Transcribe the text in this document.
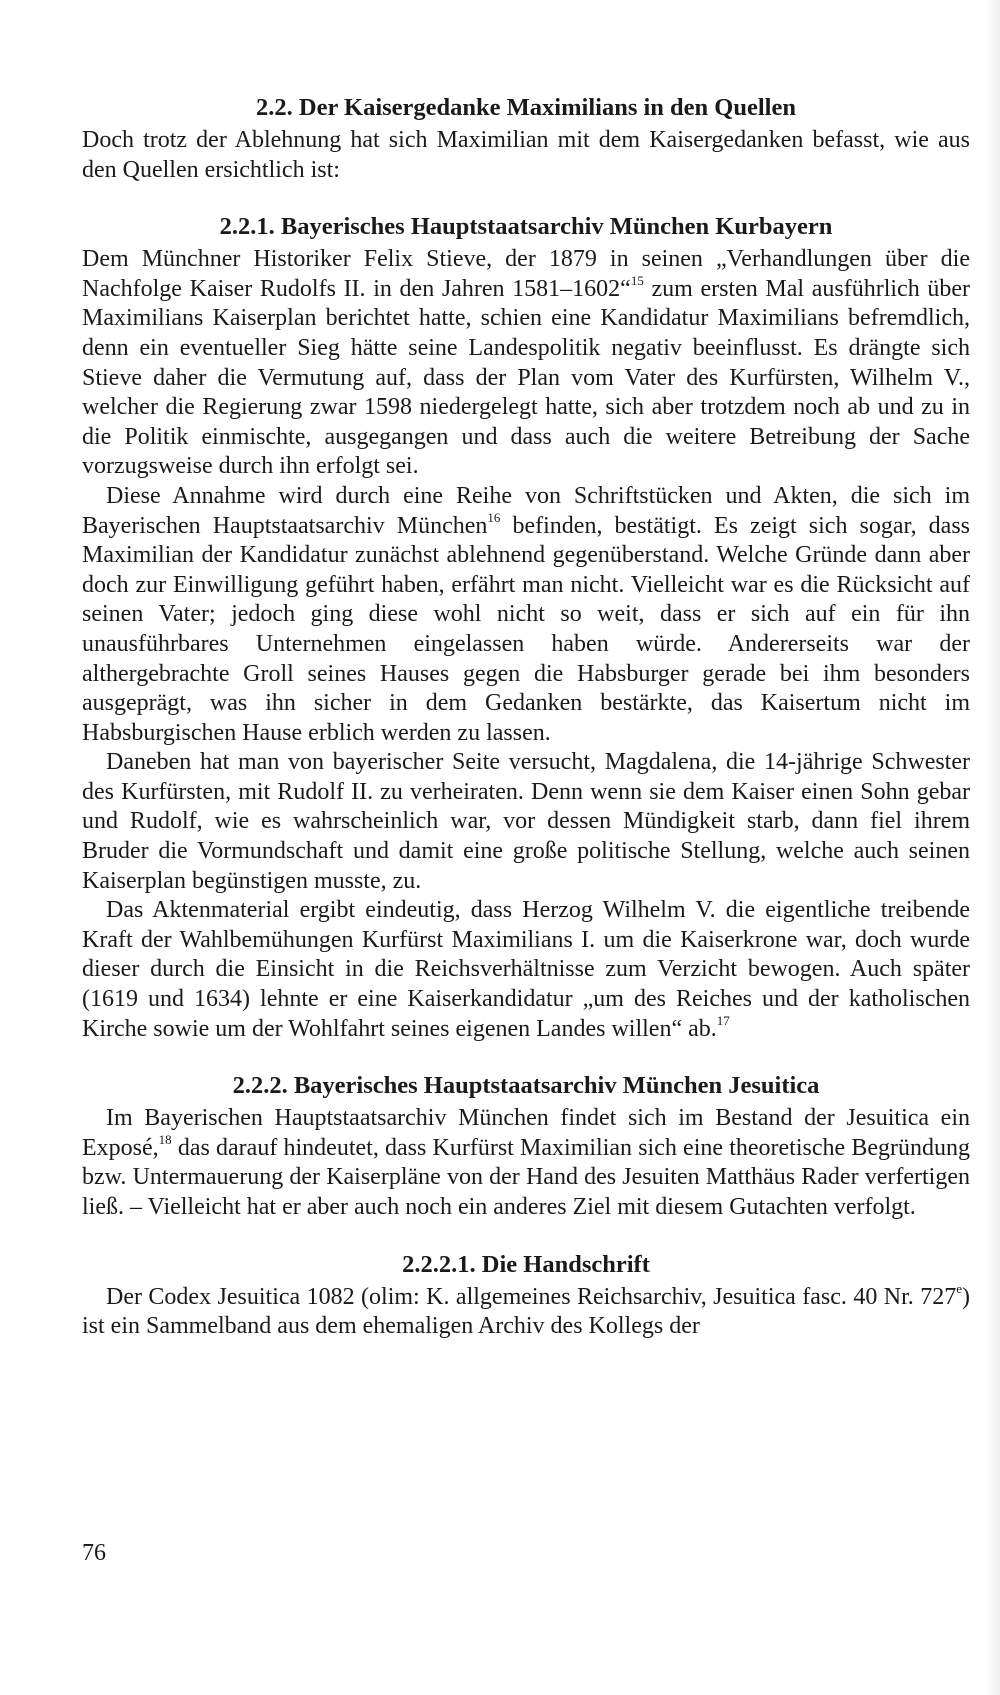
2.2. Der Kaisergedanke Maximilians in den Quellen

Doch trotz der Ablehnung hat sich Maximilian mit dem Kaisergedanken befasst, wie aus den Quellen ersichtlich ist:

2.2.1. Bayerisches Hauptstaatsarchiv München Kurbayern

Dem Münchner Historiker Felix Stieve, der 1879 in seinen „Verhandlungen über die Nachfolge Kaiser Rudolfs II. in den Jahren 1581–1602“$^{15}$ zum ersten Mal ausführlich über Maximilians Kaiserplan berichtet hatte, schien eine Kandidatur Maximilians befremdlich, denn ein eventueller Sieg hätte seine Landespolitik negativ beeinflusst. Es drängte sich Stieve daher die Vermutung auf, dass der Plan vom Vater des Kurfürsten, Wilhelm V., welcher die Regierung zwar 1598 niedergelegt hatte, sich aber trotzdem noch ab und zu in die Politik einmischte, ausgegangen und dass auch die weitere Betreibung der Sache vorzugsweise durch ihn erfolgt sei.

Diese Annahme wird durch eine Reihe von Schriftstücken und Akten, die sich im Bayerischen Hauptstaatsarchiv München$^{16}$ befinden, bestätigt. Es zeigt sich sogar, dass Maximilian der Kandidatur zunächst ablehnend gegenüberstand. Welche Gründe dann aber doch zur Einwilligung geführt haben, erfährt man nicht. Vielleicht war es die Rücksicht auf seinen Vater; jedoch ging diese wohl nicht so weit, dass er sich auf ein für ihn unausführbares Unternehmen eingelassen haben würde. Andererseits war der althergebrachte Groll seines Hauses gegen die Habsburger gerade bei ihm besonders ausgeprägt, was ihn sicher in dem Gedanken bestärkte, das Kaisertum nicht im Habsburgischen Hause erblich werden zu lassen.

Daneben hat man von bayerischer Seite versucht, Magdalena, die 14-jährige Schwester des Kurfürsten, mit Rudolf II. zu verheiraten. Denn wenn sie dem Kaiser einen Sohn gebar und Rudolf, wie es wahrscheinlich war, vor dessen Mündigkeit starb, dann fiel ihrem Bruder die Vormundschaft und damit eine große politische Stellung, welche auch seinen Kaiserplan begünstigen musste, zu.

Das Aktenmaterial ergibt eindeutig, dass Herzog Wilhelm V. die eigentliche treibende Kraft der Wahlbemühungen Kurfürst Maximilians I. um die Kaiserkrone war, doch wurde dieser durch die Einsicht in die Reichsverhältnisse zum Verzicht bewogen. Auch später (1619 und 1634) lehnte er eine Kaiserkandidatur „um des Reiches und der katholischen Kirche sowie um der Wohlfahrt seines eigenen Landes willen“ ab.$^{17}$

2.2.2. Bayerisches Hauptstaatsarchiv München Jesuitica

Im Bayerischen Hauptstaatsarchiv München findet sich im Bestand der Jesuitica ein Exposé,$^{18}$ das darauf hindeutet, dass Kurfürst Maximilian sich eine theoretische Begründung bzw. Untermauerung der Kaiserpläne von der Hand des Jesuiten Matthäus Rader verfertigen ließ. – Vielleicht hat er aber auch noch ein anderes Ziel mit diesem Gutachten verfolgt.

2.2.2.1. Die Handschrift

Der Codex Jesuitica 1082 (olim: K. allgemeines Reichsarchiv, Jesuitica fasc. 40 Nr. 727e) ist ein Sammelband aus dem ehemaligen Archiv des Kollegs der

76
